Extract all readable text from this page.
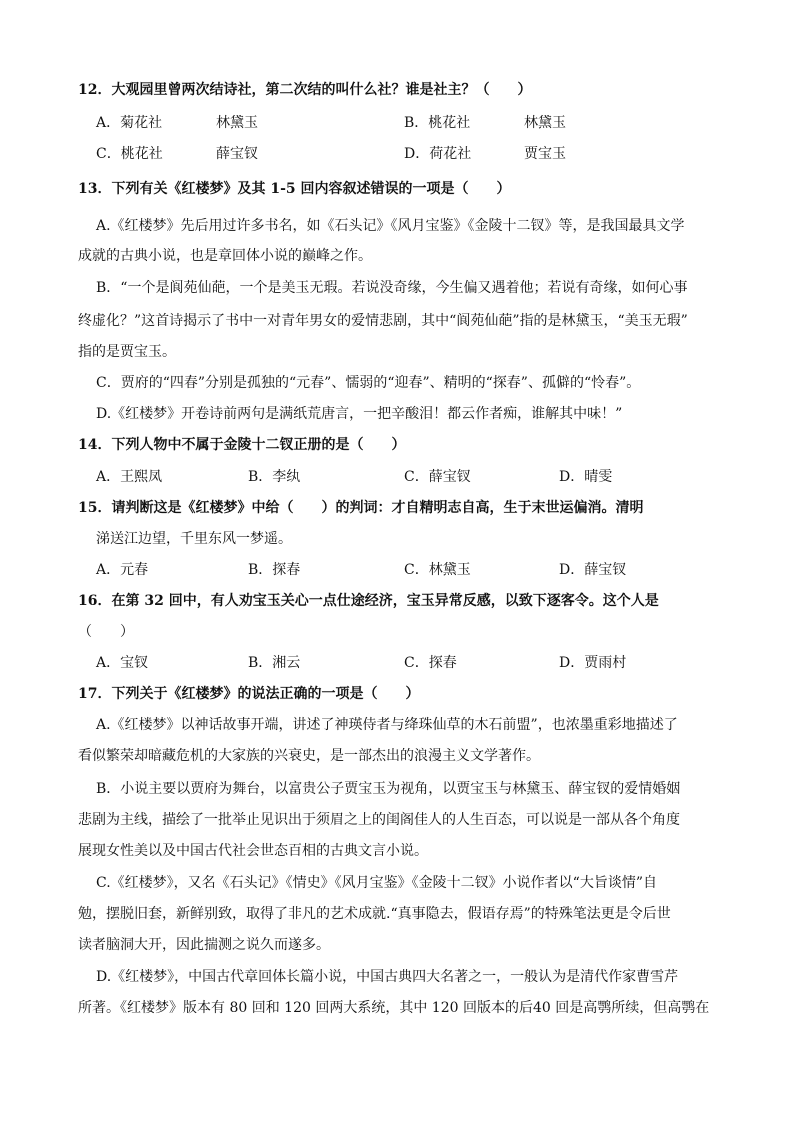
12．大观园里曾两次结诗社，第二次结的叫什么社？谁是社主？（　　）
A．菊花社	林黛玉	B．桃花社	林黛玉
C．桃花社	薛宝钗	D．荷花社	贾宝玉
13．下列有关《红楼梦》及其 1-5 回内容叙述错误的一项是（　　）
A.《红楼梦》先后用过许多书名，如《石头记》《风月宝鉴》《金陵十二钗》等，是我国最具文学
成就的古典小说，也是章回体小说的巅峰之作。
B．“一个是阆苑仙葩，一个是美玉无瑕。若说没奇缘，今生偏又遇着他；若说有奇缘，如何心事
终虚化？”这首诗揭示了书中一对青年男女的爱情悲剧，其中“阆苑仙葩”指的是林黛玉，“美玉无瑕”
指的是贾宝玉。
C．贾府的“四春”分别是孤独的“元春”、懦弱的“迎春”、精明的“探春”、孤僻的“怜春”。
D.《红楼梦》开卷诗前两句是满纸荒唐言，一把辛酸泪！都云作者痴，谁解其中味！”
14．下列人物中不属于金陵十二钗正册的是（　　）
A．王熙凤	B．李纨	C．薛宝钗	D．晴雯
15．请判断这是《红楼梦》中给（　　）的判词：才自精明志自高，生于末世运偏消。清明
涕送江边望，千里东风一梦遥。
A．元春	B．探春	C．林黛玉	D．薛宝钗
16．在第 32 回中，有人劝宝玉关心一点仕途经济，宝玉异常反感，以致下逐客令。这个人是
（　　）
A．宝钗	B．湘云	C．探春	D．贾雨村
17．下列关于《红楼梦》的说法正确的一项是（　　）
A.《红楼梦》以神话故事开端，讲述了神瑛侍者与绛珠仙草的木石前盟”，也浓墨重彩地描述了
看似繁荣却暗藏危机的大家族的兴衰史，是一部杰出的浪漫主义文学著作。
B．小说主要以贾府为舞台，以富贵公子贾宝玉为视角，以贾宝玉与林黛玉、薛宝钗的爱情婚姻
悲剧为主线，描绘了一批举止见识出于须眉之上的闺阁佳人的人生百态，可以说是一部从各个角度
展现女性美以及中国古代社会世态百相的古典文言小说。
C.《红楼梦》，又名《石头记》《情史》《风月宝鉴》《金陵十二钗》小说作者以“大旨谈情”自
勉，摆脱旧套，新鲜别致，取得了非凡的艺术成就.“真事隐去，假语存焉”的特殊笔法更是令后世
读者脑洞大开，因此揣测之说久而遂多。
D.《红楼梦》，中国古代章回体长篇小说，中国古典四大名著之一，一般认为是清代作家曹雪芹
所著。《红楼梦》版本有 80 回和 120 回两大系统，其中 120 回版本的后40 回是高鹗所续，但高鹗在
